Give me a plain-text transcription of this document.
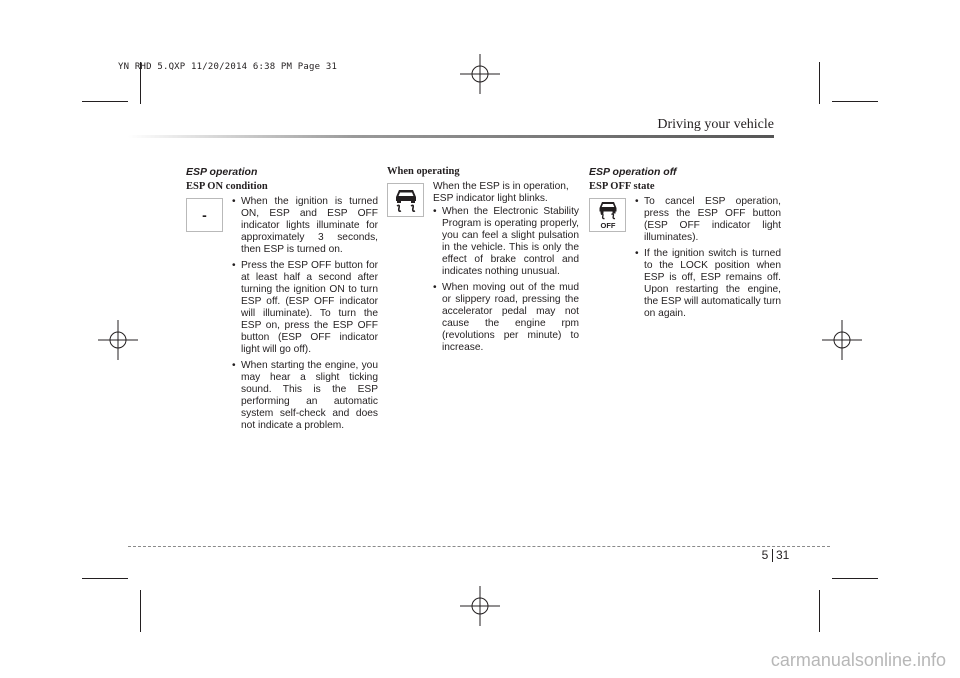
YN RHD 5.QXP 11/20/2014 6:38 PM Page 31
Driving your vehicle
ESP operation
ESP ON condition
-
• When the ignition is turned ON, ESP and ESP OFF indicator lights illuminate for approximately 3 seconds, then ESP is turned on.
• Press the ESP OFF button for at least half a second after turning the ignition ON to turn ESP off. (ESP OFF indicator will illuminate). To turn the ESP on, press the ESP OFF button (ESP OFF indicator light will go off).
• When starting the engine, you may hear a slight ticking sound. This is the ESP performing an automatic system self-check and does not indicate a problem.
When operating

When the ESP is in operation, ESP indicator light blinks.

• When the Electronic Stability Program is operating properly, you can feel a slight pulsation in the vehicle. This is only the effect of brake control and indicates nothing unusual.
• When moving out of the mud or slippery road, pressing the accelerator pedal may not cause the engine rpm (revolutions per minute) to increase.
ESP operation off
ESP OFF state
OFF
• To cancel ESP operation, press the ESP OFF button (ESP OFF indicator light illuminates).
• If the ignition switch is turned to the LOCK position when ESP is off, ESP remains off. Upon restarting the engine, the ESP will automatically turn on again.
5 31
carmanualsonline.info
